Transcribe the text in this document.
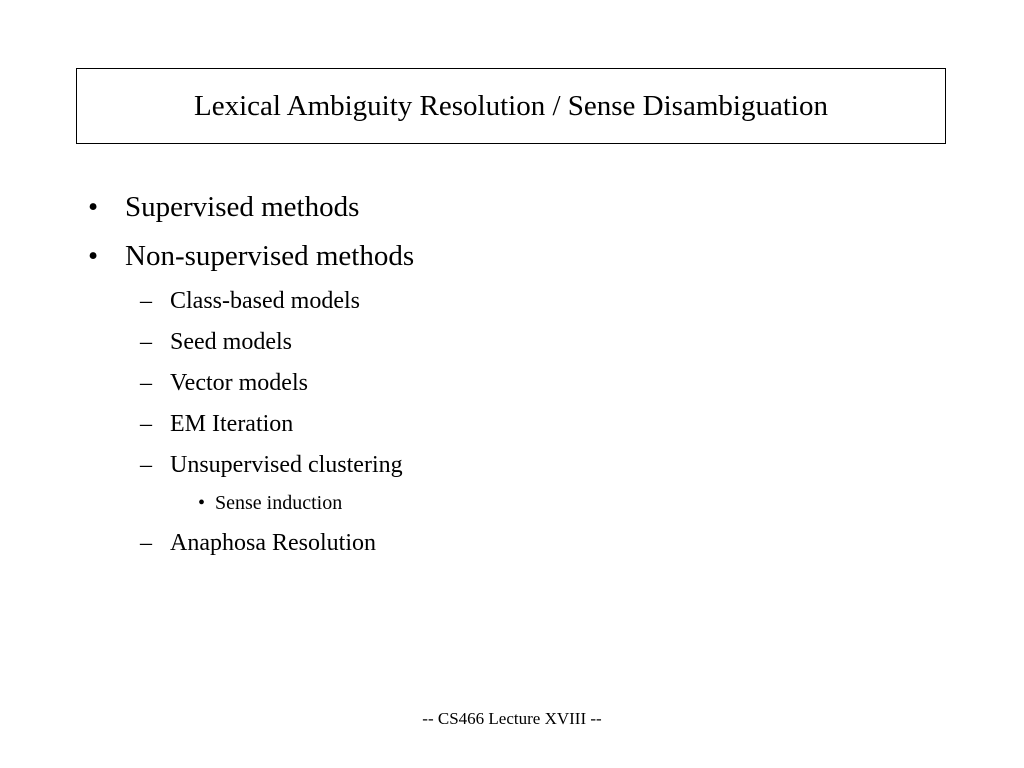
Lexical Ambiguity Resolution / Sense Disambiguation
• Supervised methods
• Non-supervised methods
– Class-based models
– Seed models
– Vector models
– EM Iteration
– Unsupervised clustering
• Sense induction
– Anaphosa Resolution
-- CS466 Lecture XVIII --
